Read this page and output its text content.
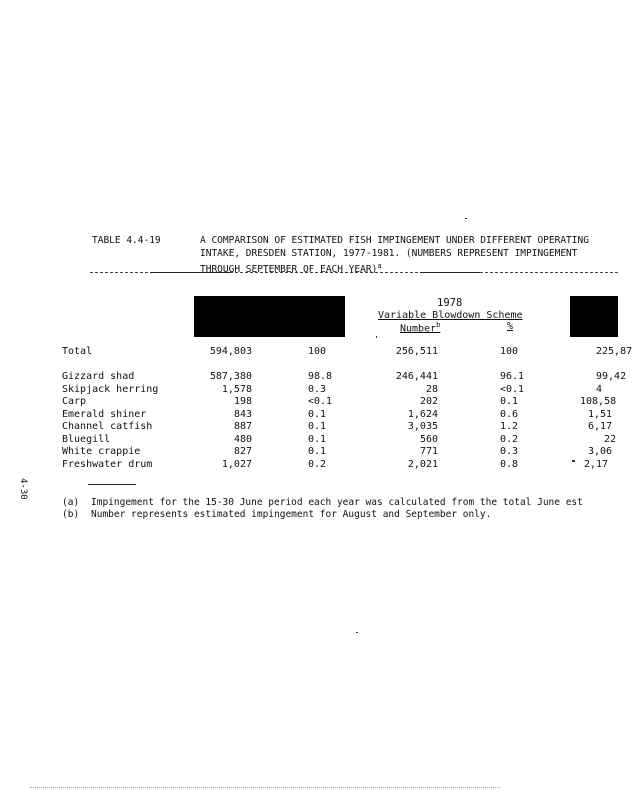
TABLE 4.4-19	A COMPARISON OF ESTIMATED FISH IMPINGEMENT UNDER DIFFERENT OPERATING
INTAKE, DRESDEN STATION, 1977-1981. (NUMBERS REPRESENT IMPINGEMENT
THROUGH SEPTEMBER OF EACH YEAR)$^a$
1978
Variable Blowdown Scheme
Number$^b$	%
Total	594,803	100	256,511	100	225,87
Gizzard shad	587,380	98.8	246,441	96.1	99,42
Skipjack herring	1,578	0.3	28	<0.1	4
Carp	198	<0.1	202	0.1	108,58
Emerald shiner	843	0.1	1,624	0.6	1,51
Channel catfish	887	0.1	3,035	1.2	6,17
Bluegill	480	0.1	560	0.2	22
White crappie	827	0.1	771	0.3	3,06
Freshwater drum	1,027	0.2	2,021	0.8	2,17
4-30
(a) Impingement for the 15-30 June period each year was calculated from the total June est
(b) Number represents estimated impingement for August and September only.
